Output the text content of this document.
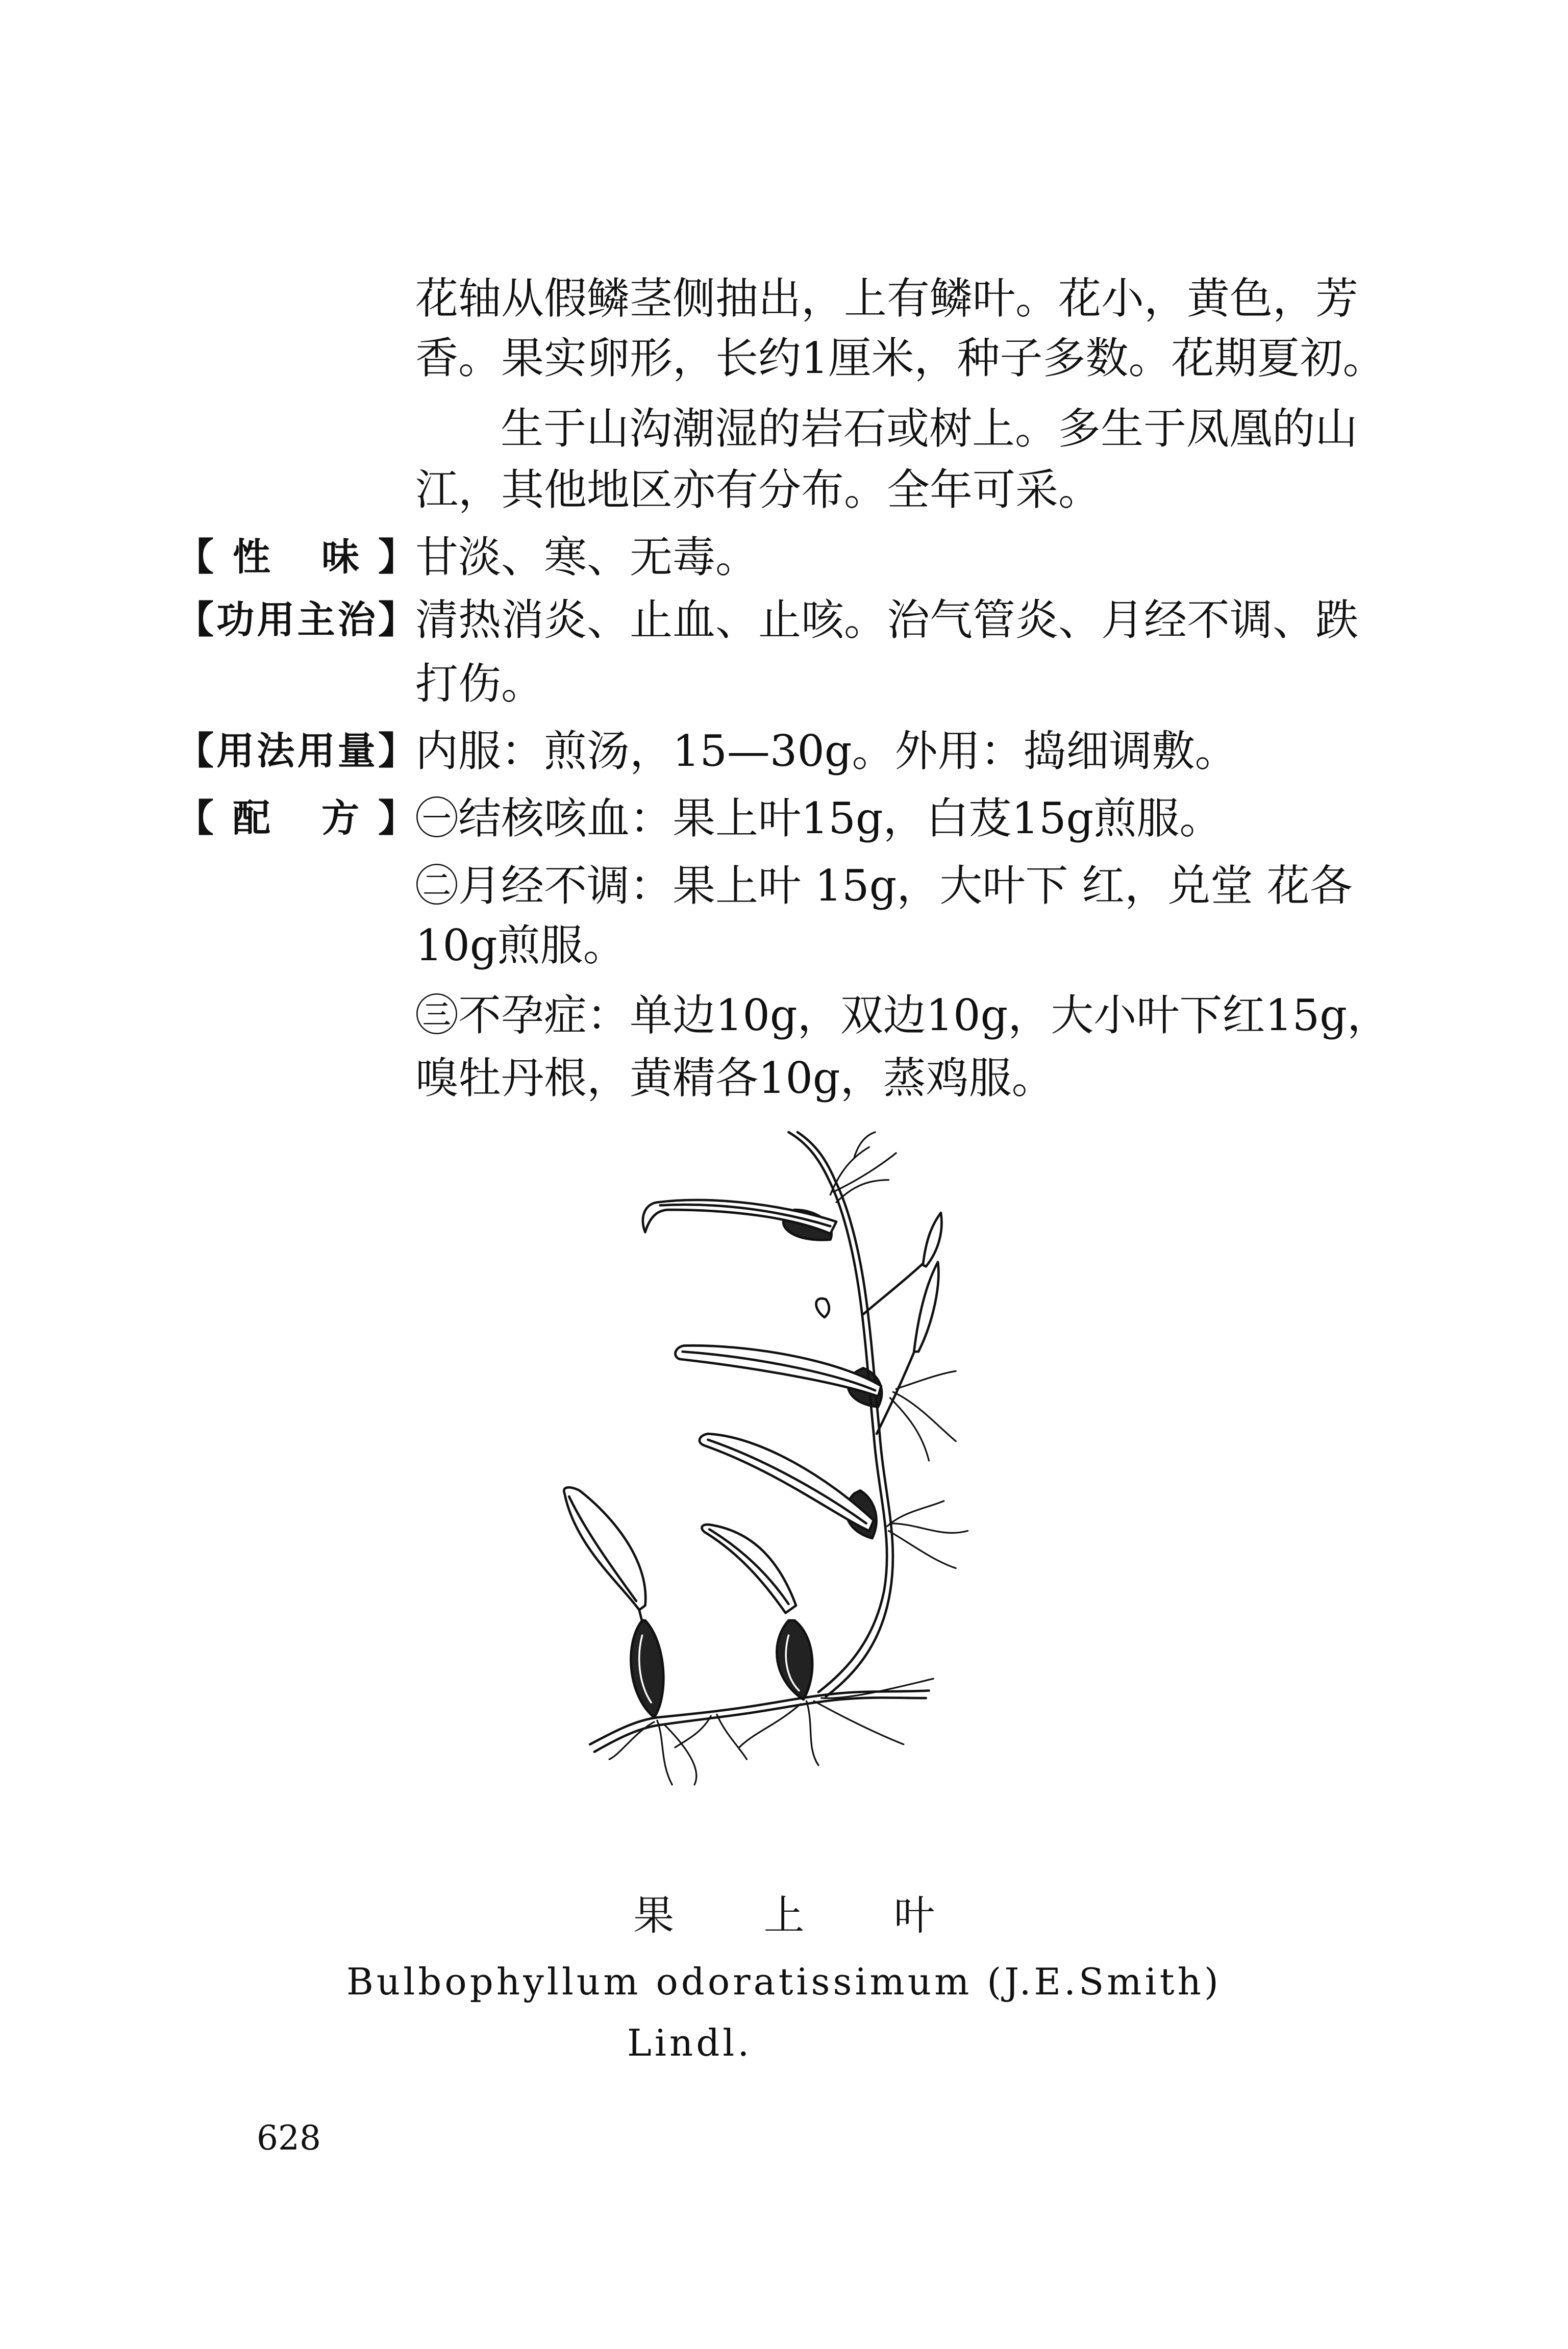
花轴从假鳞茎侧抽出，上有鳞叶。花小，黄色，芳
香。果实卵形，长约1厘米，种子多数。花期夏初。
生于山沟潮湿的岩石或树上。多生于凤凰的山
江，其他地区亦有分布。全年可采。
【性 味】 甘淡、寒、无毒。
【功用主治】 清热消炎、止血、止咳。治气管炎、月经不调、跌
打伤。
【用法用量】 内服：煎汤，15—30g。外用：捣细调敷。
【配 方】 ㊀结核咳血：果上叶15g，白芨15g煎服。
㊁月经不调：果上叶 15g，大叶下 红，兑堂 花各
10g煎服。
㊂不孕症：单边10g，双边10g，大小叶下红15g，
嗅牡丹根，黄精各10g，蒸鸡服。
果 上 叶
Bulbophyllum odoratissimum (J.E.Smith)
Lindl.
628
